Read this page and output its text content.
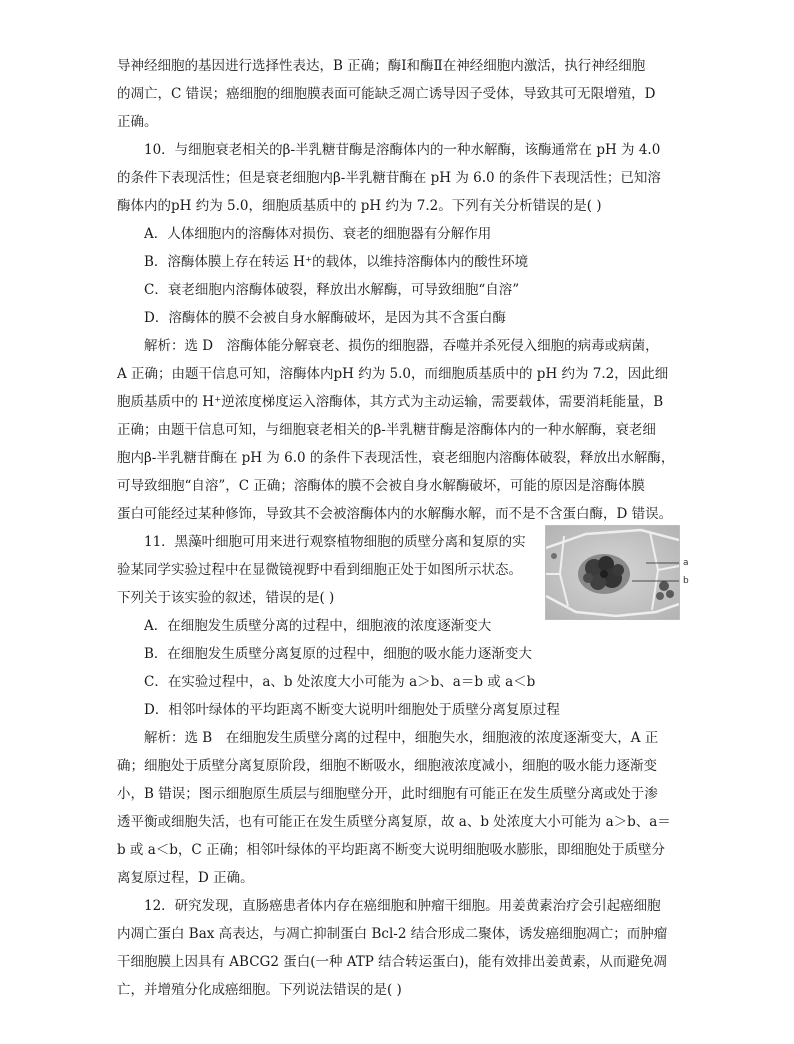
导神经细胞的基因进行选择性表达，B 正确；酶Ⅰ和酶Ⅱ在神经细胞内激活，执行神经细胞

的凋亡，C 错误；癌细胞的细胞膜表面可能缺乏凋亡诱导因子受体，导致其可无限增殖，D

正确。

10．与细胞衰老相关的β-半乳糖苷酶是溶酶体内的一种水解酶，该酶通常在 pH 为 4.0

的条件下表现活性；但是衰老细胞内β-半乳糖苷酶在 pH 为 6.0 的条件下表现活性；已知溶

酶体内的pH 约为 5.0，细胞质基质中的 pH 约为 7.2。下列有关分析错误的是( )

A．人体细胞内的溶酶体对损伤、衰老的细胞器有分解作用

B．溶酶体膜上存在转运 H⁺的载体，以维持溶酶体内的酸性环境

C．衰老细胞内溶酶体破裂，释放出水解酶，可导致细胞“自溶”

D．溶酶体的膜不会被自身水解酶破坏，是因为其不含蛋白酶

解析：选 D　溶酶体能分解衰老、损伤的细胞器，吞噬并杀死侵入细胞的病毒或病菌，

A 正确；由题干信息可知，溶酶体内pH 约为 5.0，而细胞质基质中的 pH 约为 7.2，因此细

胞质基质中的 H⁺逆浓度梯度运入溶酶体，其方式为主动运输，需要载体，需要消耗能量，B

正确；由题干信息可知，与细胞衰老相关的β-半乳糖苷酶是溶酶体内的一种水解酶，衰老细

胞内β-半乳糖苷酶在 pH 为 6.0 的条件下表现活性，衰老细胞内溶酶体破裂，释放出水解酶，

可导致细胞“自溶”，C 正确；溶酶体的膜不会被自身水解酶破坏，可能的原因是溶酶体膜

蛋白可能经过某种修饰，导致其不会被溶酶体内的水解酶水解，而不是不含蛋白酶，D 错误。

11．黑藻叶细胞可用来进行观察植物细胞的质壁分离和复原的实

验某同学实验过程中在显微镜视野中看到细胞正处于如图所示状态。

下列关于该实验的叙述，错误的是( )

A．在细胞发生质壁分离的过程中，细胞液的浓度逐渐变大

B．在细胞发生质壁分离复原的过程中，细胞的吸水能力逐渐变大

C．在实验过程中，a、b 处浓度大小可能为 a＞b、a＝b 或 a＜b

D．相邻叶绿体的平均距离不断变大说明叶细胞处于质壁分离复原过程

解析：选 B　在细胞发生质壁分离的过程中，细胞失水，细胞液的浓度逐渐变大，A 正

确；细胞处于质壁分离复原阶段，细胞不断吸水，细胞液浓度减小，细胞的吸水能力逐渐变

小，B 错误；图示细胞原生质层与细胞壁分开，此时细胞有可能正在发生质壁分离或处于渗

透平衡或细胞失活，也有可能正在发生质壁分离复原，故 a、b 处浓度大小可能为 a＞b、a＝

b 或 a＜b，C 正确；相邻叶绿体的平均距离不断变大说明细胞吸水膨胀，即细胞处于质壁分

离复原过程，D 正确。

12．研究发现，直肠癌患者体内存在癌细胞和肿瘤干细胞。用姜黄素治疗会引起癌细胞

内凋亡蛋白 Bax 高表达，与凋亡抑制蛋白 Bcl-2 结合形成二聚体，诱发癌细胞凋亡；而肿瘤

干细胞膜上因具有 ABCG2 蛋白(一种 ATP 结合转运蛋白)，能有效排出姜黄素，从而避免凋

亡，并增殖分化成癌细胞。下列说法错误的是( )

a
b
